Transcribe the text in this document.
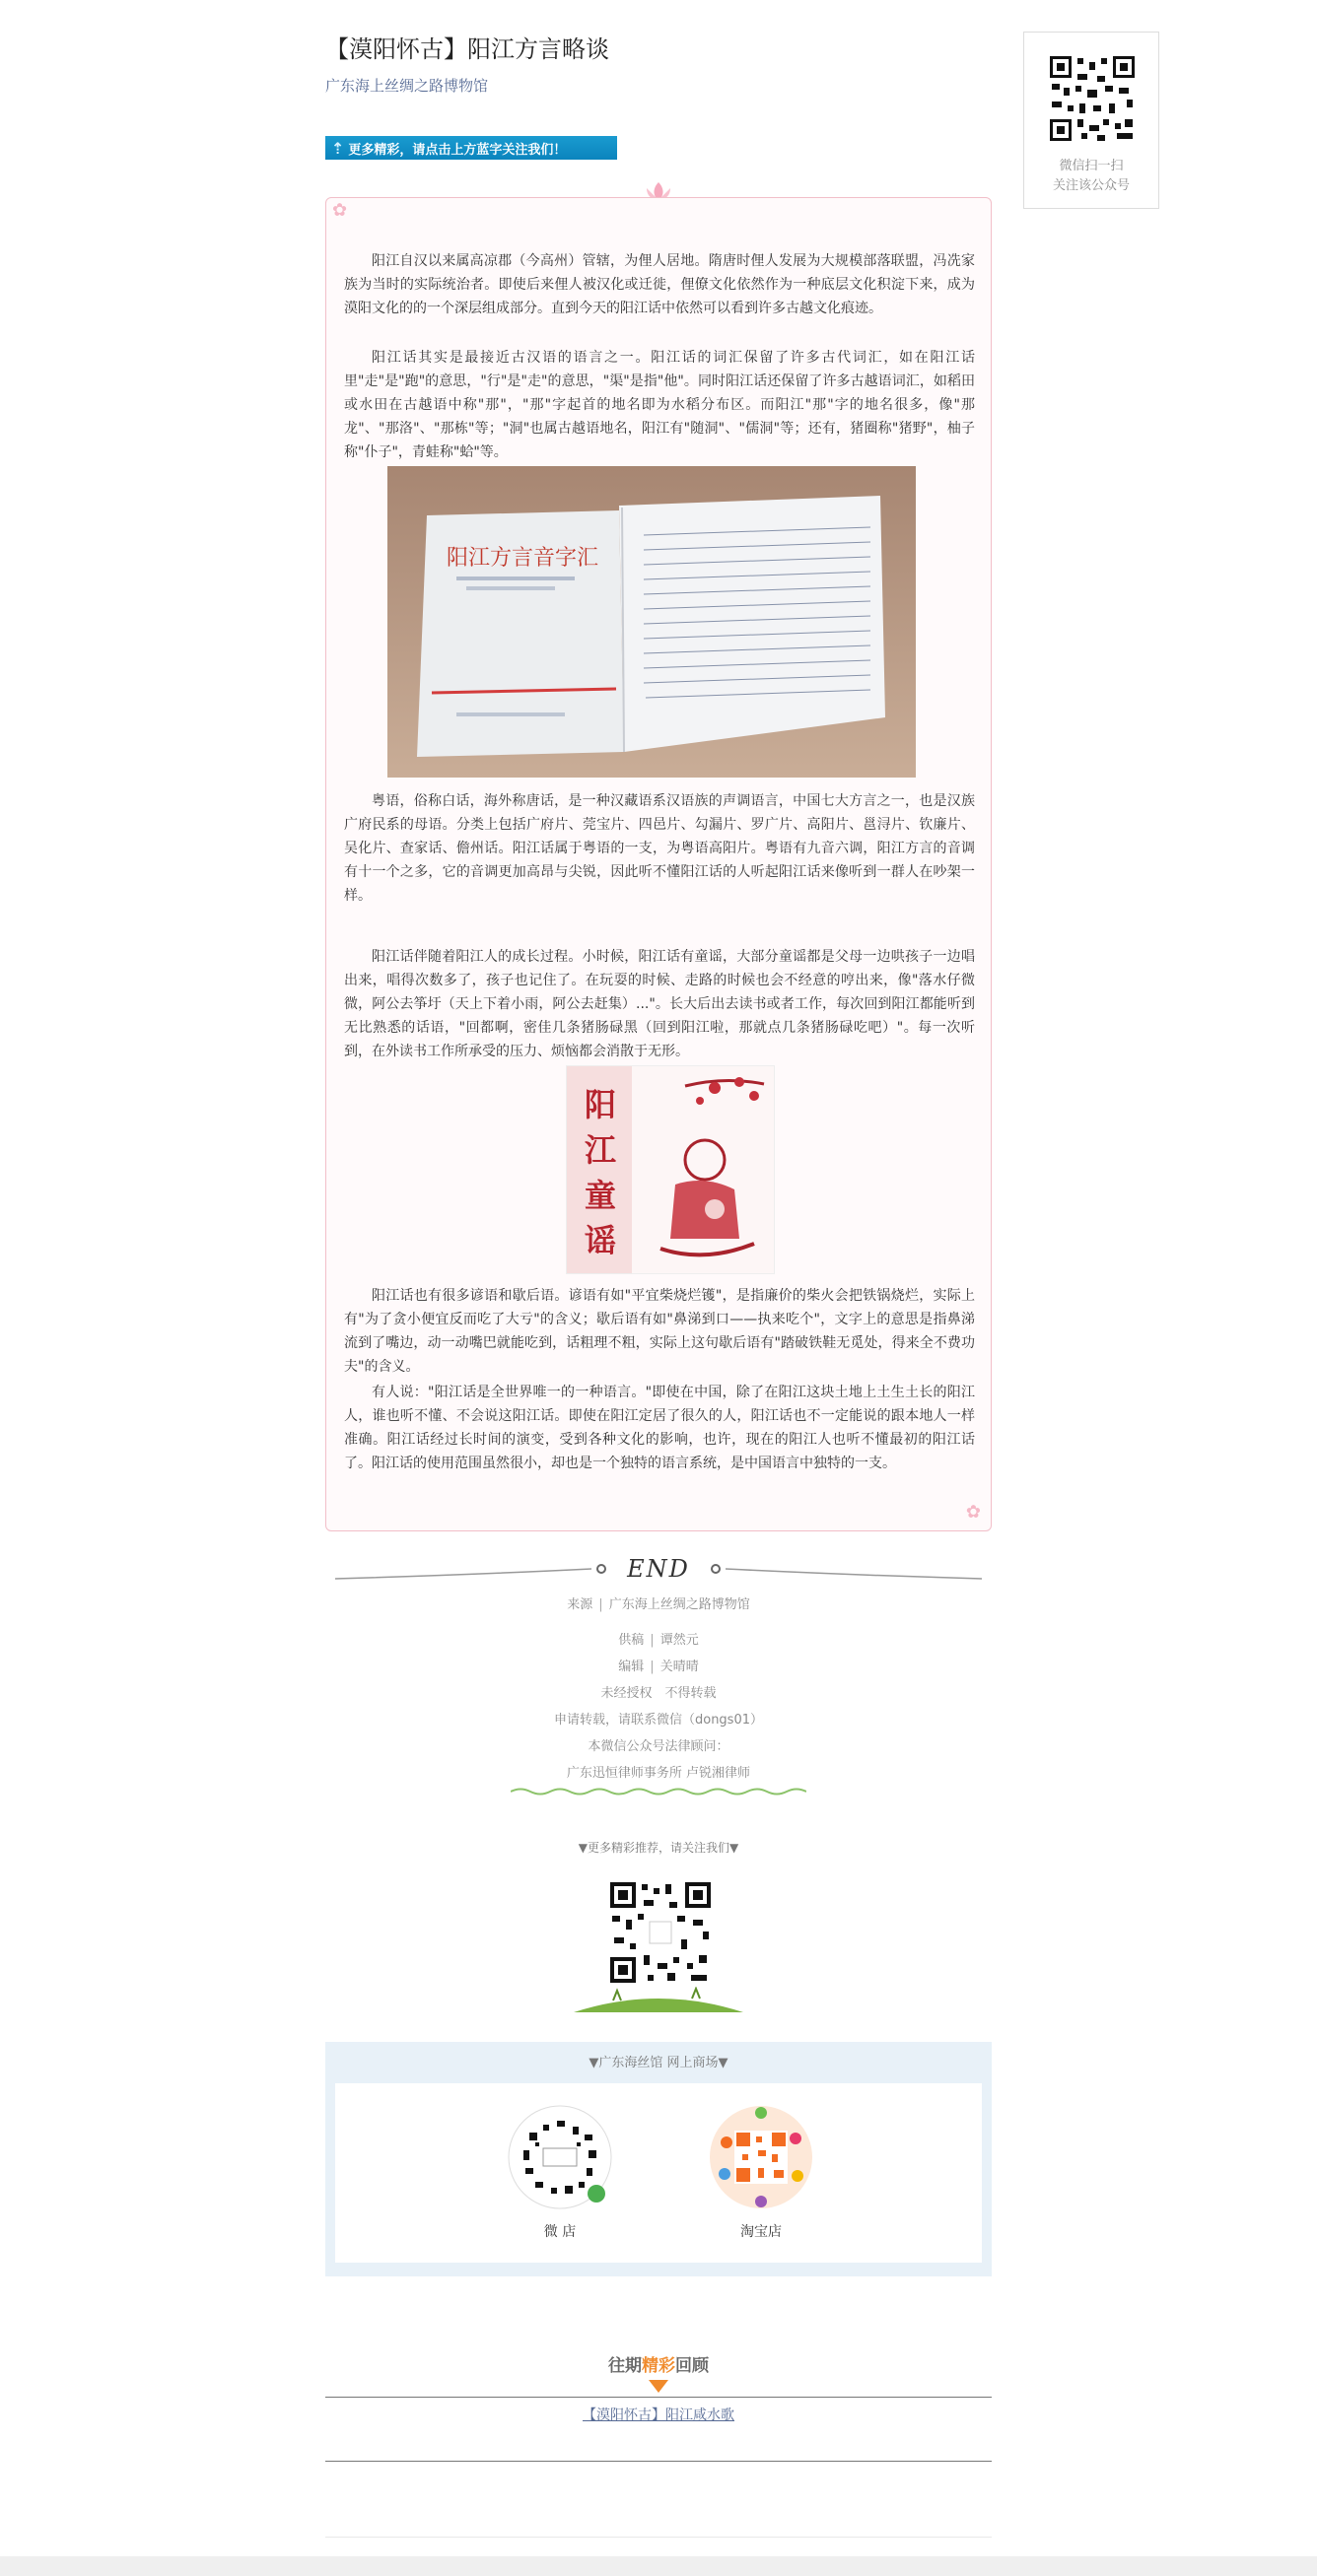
【漠阳怀古】阳江方言略谈
广东海上丝绸之路博物馆
⇡ 更多精彩，请点击上方蓝字关注我们！
✿
✿

阳江自汉以来属高凉郡（今高州）管辖，为俚人居地。隋唐时俚人发展为大规模部落联盟，冯冼家族为当时的实际统治者。即使后来俚人被汉化或迁徙，俚僚文化依然作为一种底层文化积淀下来，成为漠阳文化的的一个深层组成部分。直到今天的阳江话中依然可以看到许多古越文化痕迹。

阳江话其实是最接近古汉语的语言之一。阳江话的词汇保留了许多古代词汇，如在阳江话里"走"是"跑"的意思，"行"是"走"的意思，"渠"是指"他"。同时阳江话还保留了许多古越语词汇，如稻田或水田在古越语中称"那"，"那"字起首的地名即为水稻分布区。而阳江"那"字的地名很多，像"那龙"、"那洛"、"那栋"等；"洞"也属古越语地名，阳江有"随洞"、"儒洞"等；还有，猪圈称"猪野"，柚子称"仆子"，青蛙称"蛤"等。

阳江方言音字汇

粤语，俗称白话，海外称唐话，是一种汉藏语系汉语族的声调语言，中国七大方言之一，也是汉族广府民系的母语。分类上包括广府片、莞宝片、四邑片、勾漏片、罗广片、高阳片、邕浔片、钦廉片、吴化片、查家话、儋州话。阳江话属于粤语的一支，为粤语高阳片。粤语有九音六调，阳江方言的音调有十一个之多，它的音调更加高昂与尖锐，因此听不懂阳江话的人听起阳江话来像听到一群人在吵架一样。

阳江话伴随着阳江人的成长过程。小时候，阳江话有童谣，大部分童谣都是父母一边哄孩子一边唱出来，唱得次数多了，孩子也记住了。在玩耍的时候、走路的时候也会不经意的哼出来，像"落水仔微微，阿公去筝圩（天上下着小雨，阿公去赶集）..."。长大后出去读书或者工作，每次回到阳江都能听到无比熟悉的话语，"回都啊，密佳几条猪肠碌黑（回到阳江啦，那就点几条猪肠碌吃吧）"。每一次听到，在外读书工作所承受的压力、烦恼都会消散于无形。

阳
江
童
谣

阳江话也有很多谚语和歇后语。谚语有如"平宜柴烧烂镬"，是指廉价的柴火会把铁锅烧烂，实际上有"为了贪小便宜反而吃了大亏"的含义；歇后语有如"鼻涕到口——执来吃个"，文字上的意思是指鼻涕流到了嘴边，动一动嘴巴就能吃到，话粗理不粗，实际上这句歇后语有"踏破铁鞋无觅处，得来全不费功夫"的含义。

有人说："阳江话是全世界唯一的一种语言。"即使在中国，除了在阳江这块土地上土生土长的阳江人，谁也听不懂、不会说这阳江话。即使在阳江定居了很久的人，阳江话也不一定能说的跟本地人一样准确。阳江话经过长时间的演变，受到各种文化的影响，也许，现在的阳江人也听不懂最初的阳江话了。阳江话的使用范围虽然很小，却也是一个独特的语言系统，是中国语言中独特的一支。

END
来源 | 广东海上丝绸之路博物馆
供稿 | 谭然元
编辑 | 关晴晴
未经授权　不得转载
申请转载，请联系微信（dongs01）
本微信公众号法律顾问：
广东迅恒律师事务所 卢锐湘律师
▼更多精彩推荐，请关注我们▼
▼广东海丝馆 网上商场▼
微 店	淘宝店
往期精彩回顾
【漠阳怀古】阳江咸水歌
微信扫一扫
关注该公众号
